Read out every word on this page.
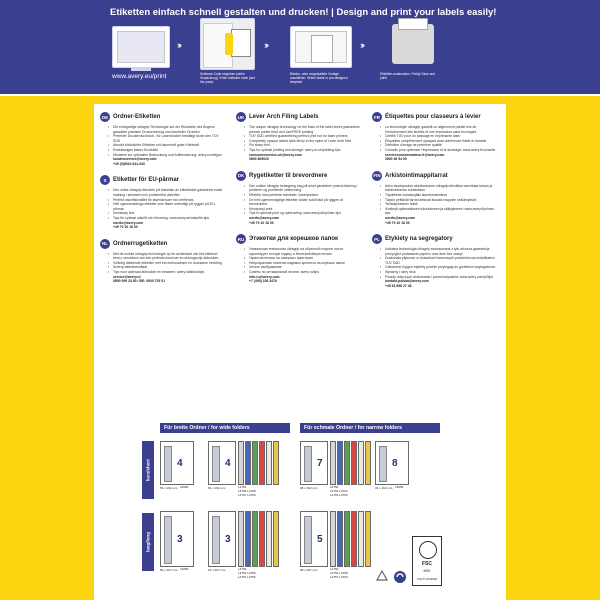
Etiketten einfach schnell gestalten und drucken! | Design and print your labels easily!
www.avery.eu/print
›››
Software-Code eingeben (siehe Verpackung). Enter software code (see the pack).
›››
Blanko- oder vorgestaltete Vorlage auswählen. Select blank or pre-designed template.
›››
Etiketten ausdrucken. Fertig! Save and print!
DE Ordner-Etiketten
• Die einzigartige ultragrip Technologie auf der Rückseite des Bogens garantiert präzisen Druckereinzug und staufreies Drucken
• Perfekter Druckerdurchlauf - für Laserdrucker bestätigt durch den TÜV SÜD
• Absolut blickdichte Etiketten mit dauerhaft guter Klebkraft
• Erstklassiges klares Druckbild
• Hinweise zur optimalen Bedruckung und Aufbewahrung: avery.com/tipps
kundenservice@avery.com
+49 (0)8024 641-343
S	Etiketter för EU-pärmar
• Den unika ultragrip-tekniken på baksidan av etikettarket garanterar exakt matning i skrivaren och problemfria utskrifter
• Perfekt utskriftskvalitet för laserskrivare har verifierats
• Helt ogenomskinliga etiketter som fäster ordentligt på ryggen på EU-pärmar
• Knivskarp text
• Tips för optimal utskrift och förvaring: www.avery.se/utskrifts-tips
nordic@avery.com
+45 70 10 18 00
NL Ordnerrugetiketten
• Met de unieke ultragrip technologie op de achterkant van het etiketvel bent u verzekerd van een perfecte doorvoer en storingsvrije afdrukken
• Volledig dekkende etiketten met een betrouwbare en duurzame hechting
• Scherp afdrukresultaat
• Tips voor optimaal afdrukken en bewaren: avery.nl/afdruktips
service@avery.nl
0800 099 23 50 / BE: 0800 725 01
UK Lever Arch Filing Labels
• The unique ultragrip technology on the back of the label sheet guarantees precise printer feed and JamFREE printing
• TÜV SÜD certified guaranteeing perfect print run for laser printers
• Completely opaque labels stick firmly to the spine of Lever Arch files
• Pin sharp text
• Tips for optimal printing and storage: avery.co.uk/printing-tips
consumerservice-uk@avery.com
0800 805020
DK Rygetiketter til brevordnere
• Den unikke ultragrip belægning bag på arket garanterer præcis fødning i printeren og problemfri udskrivning
• Effektivt med perfekte resultater i laserprintere
• De helt ugennemsigtige etiketter sidder solidt fast på ryggen af brevordnere
• Knivskarpt print
• Tips til optimalt print og opbevaring: www.avery.dk/printer-tips
nordic@avery.com
+45 70 10 18 00
RU Этикетки для корешков папок
• Уникальная технология ultragrip на обратной стороне листа гарантирует точную подачу и бесперебойную печать
• Гарантия печати на лазерных принтерах
• Непрозрачные этикетки надежно крепятся на корешок папки
• Четкое изображение
• Советы по оптимальной печати: avery.ru/tips
info-ru@avery.com
+7 (495) 226 3476
FR Étiquettes pour classeurs à levier
• La technologie ultragrip garantit un alignement parfait lors de l'entraînement des feuilles et une impression sans bourrages
• Certifié TÜV pour un passage en imprimante laser
• Étiquettes complètement opaques avec adhérence fiable et durable
• Définition d'image de première qualité
• Conseils pour optimiser l'impression et le stockage: www.avery.fr/conseils
serviceconsommateur-fr@avery.com
0800 36 54 09
FIN Arkistointimappitarrat
• Arkin taustapuolen ainutlaatuinen ultragrip-tekniikka varmistaa tarkan ja tukoksettoman tulostuksen
• Täydellinen tulostusjälki lasertulostimissa
• Täysin peittävät tarrat tarttuvat tiukasti mappien selkämyksiin
• Teräväpiirtoinen teksti
• Vinkkejä optimaaliseen tulostukseen ja säilytykseen: www.avery.fi/printer-tips
nordic@avery.com
+45 70 10 18 00
PL Etykiety na segregatory
• Unikalna technologia ultragrip zastosowana z tyłu arkusza gwarantuje precyzyjne podawanie papieru oraz druk bez zacięć
• Doskonała płynność w drukarkach laserowych potwierdzona certyfikatem TÜV SÜD
• Całkowicie kryjące etykiety pewnie przylegają do grzbietów segregatorów
• Wyraźny i ostry druk
• Porady dotyczące drukowania i przechowywania: www.avery.com/pl/tips
kontakt-polska@avery.com
+48 61 898 27 46
Für breite Ordner / for wide folders	Für schmale Ordner / for narrow folders
kurz/short
lang/long
4
59 x 192 mm L6060
4
61 x 192 mm	L4761
L4766 L4768
L4767 L4769
7
38 x 192 mm	L4760
L4762 L4764
L4763 L4765
8
34 x 192 mm L6059
3
59 x 297 mm L6059
3
61 x 297 mm	L4753
L4752 L4755
L4751 L4756
5
38 x 297 mm	L4750
L4754 L4758
L4757 L4759
FSC
MIX
FSC® C013518
